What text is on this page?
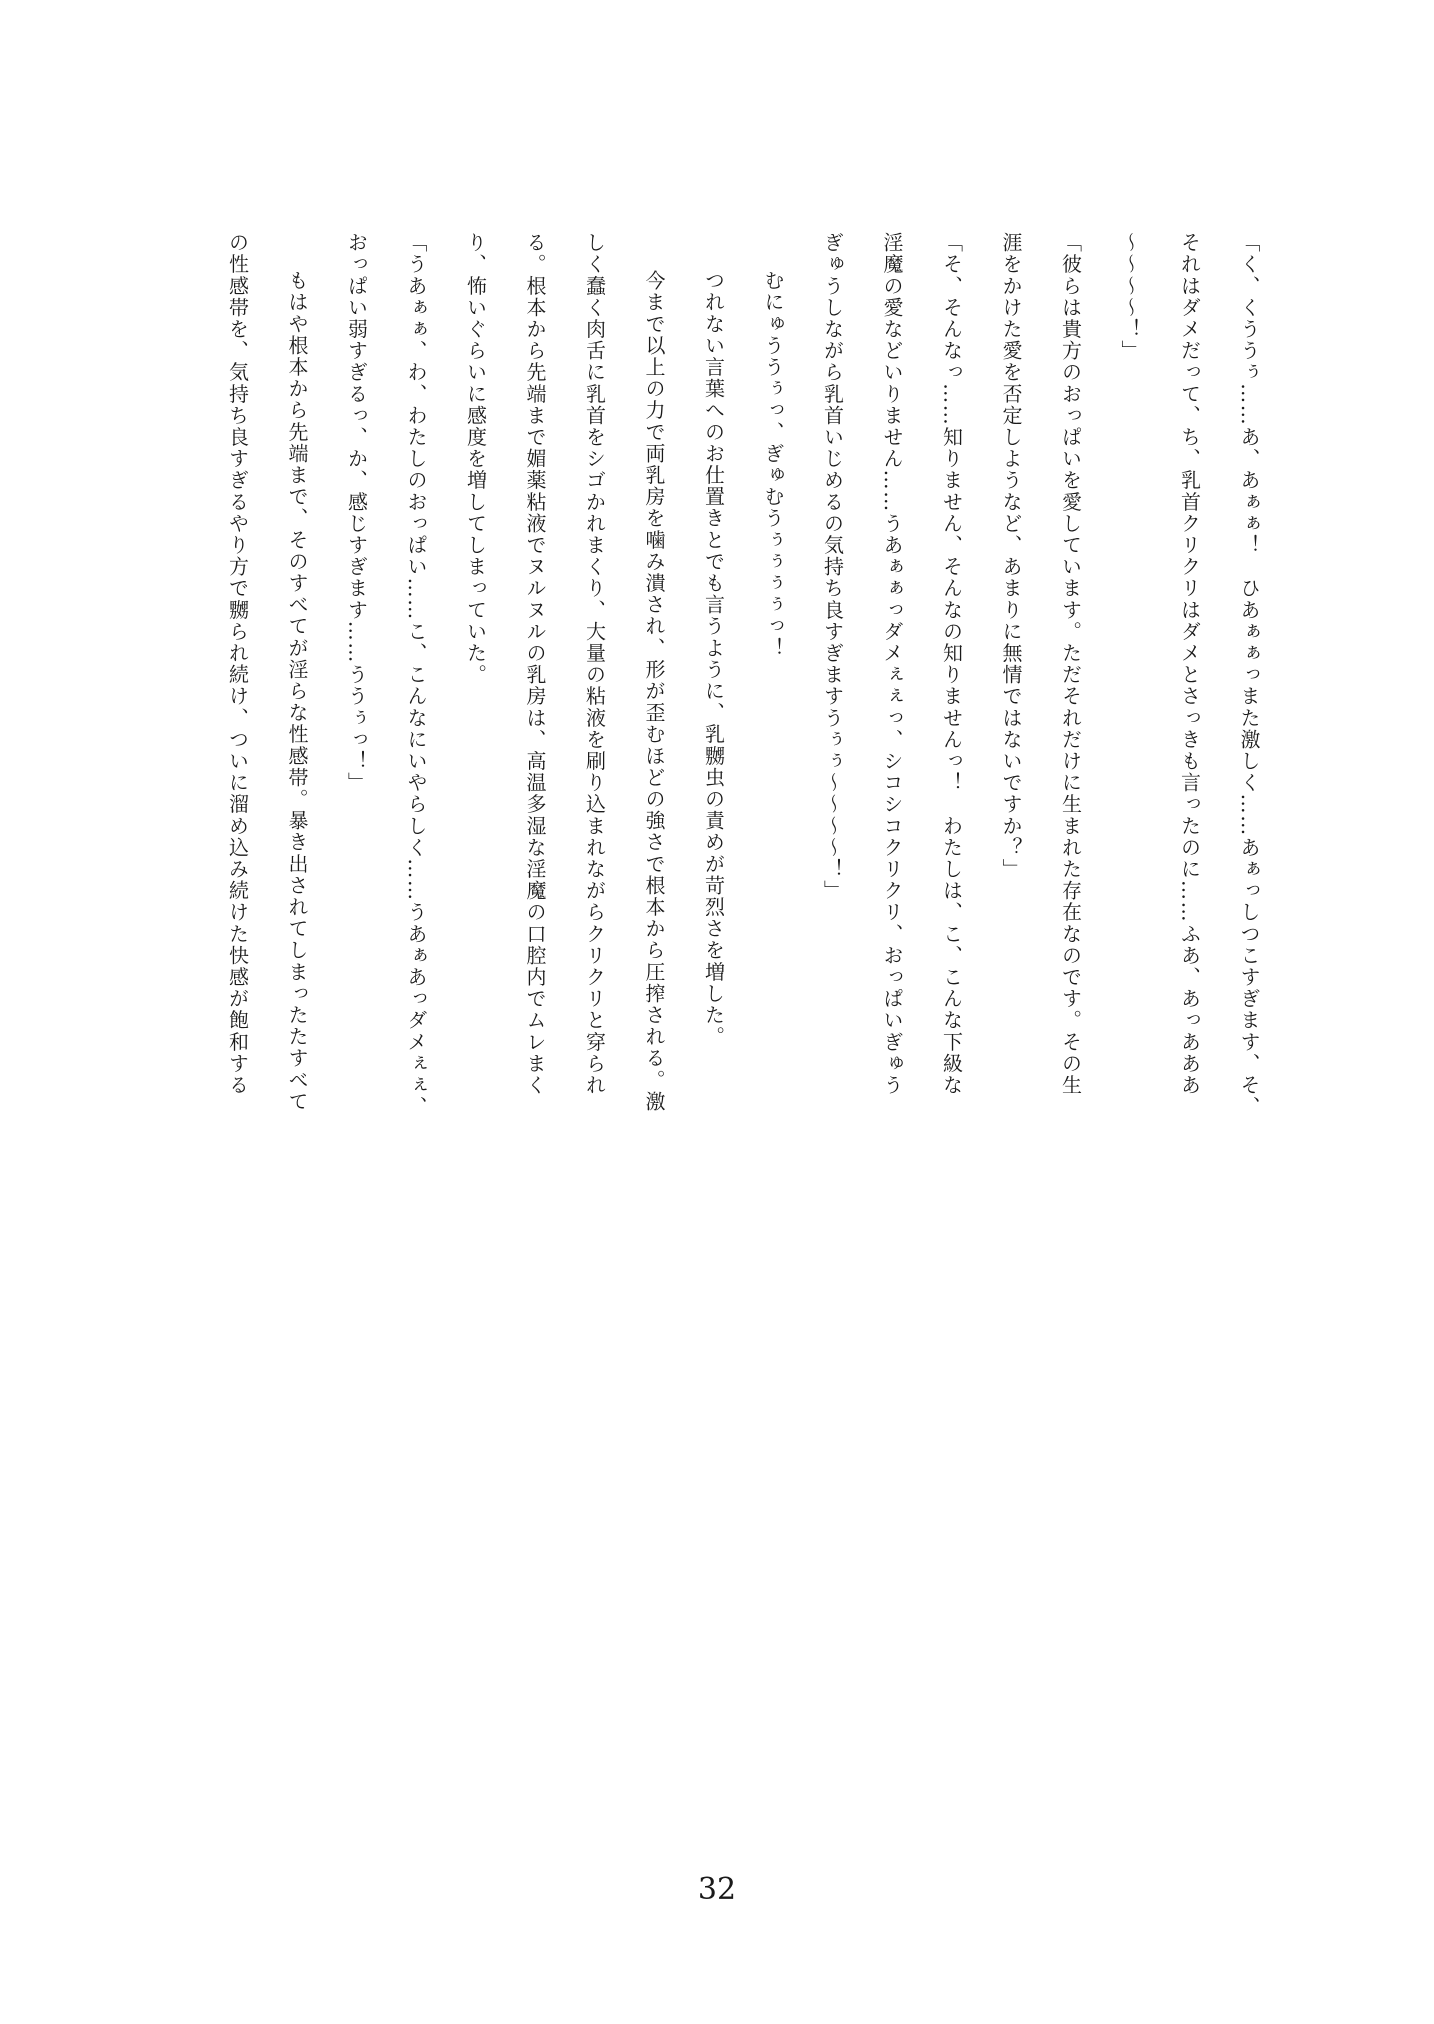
「く、くううぅ……あ、あぁぁ！　ひあぁぁっまた激しく……あぁっしつこすぎます、そ、
それはダメだって、ち、乳首クリクリはダメとさっきも言ったのに……ふあ、あっあああ
〜〜〜〜！」
「彼らは貴方のおっぱいを愛しています。ただそれだけに生まれた存在なのです。その生
涯をかけた愛を否定しようなど、あまりに無情ではないですか？」
「そ、そんなっ……知りません、そんなの知りませんっ！　わたしは、こ、こんな下級な
淫魔の愛などいりません……うあぁぁっダメぇぇっ、シコシコクリクリ、おっぱいぎゅう
ぎゅうしながら乳首いじめるの気持ち良すぎますうぅぅ〜〜〜〜！」
むにゅううぅっ、ぎゅむうぅぅぅぅっ！
つれない言葉へのお仕置きとでも言うように、乳嬲虫の責めが苛烈さを増した。
今まで以上の力で両乳房を噛み潰され、形が歪むほどの強さで根本から圧搾される。激
しく蠢く肉舌に乳首をシゴかれまくり、大量の粘液を刷り込まれながらクリクリと穿られ
る。根本から先端まで媚薬粘液でヌルヌルの乳房は、高温多湿な淫魔の口腔内でムレまく
り、怖いぐらいに感度を増してしまっていた。
「うあぁぁ、わ、わたしのおっぱい……こ、こんなにいやらしく……うあぁあっダメぇぇ、
おっぱい弱すぎるっ、か、感じすぎます……ううぅっ！」
もはや根本から先端まで、そのすべてが淫らな性感帯。暴き出されてしまったたすべて
の性感帯を、気持ち良すぎるやり方で嬲られ続け、ついに溜め込み続けた快感が飽和する
32
